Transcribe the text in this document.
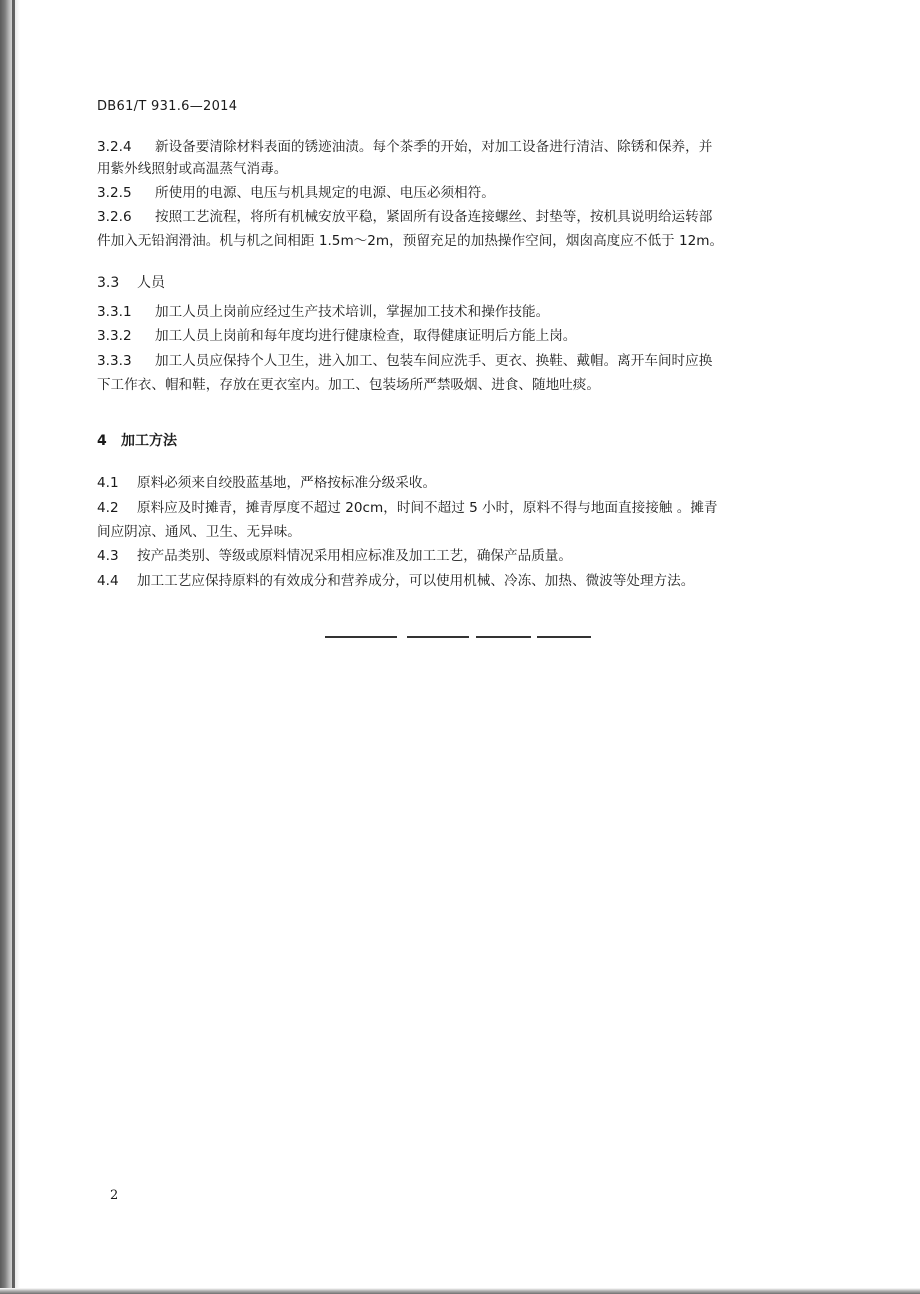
DB61/T 931.6—2014
3.2.4 新设备要清除材料表面的锈迹油渍。每个茶季的开始，对加工设备进行清洁、除锈和保养，并
用紫外线照射或高温蒸气消毒。
3.2.5 所使用的电源、电压与机具规定的电源、电压必须相符。
3.2.6 按照工艺流程，将所有机械安放平稳，紧固所有设备连接螺丝、封垫等，按机具说明给运转部
件加入无铅润滑油。机与机之间相距 1.5m～2m，预留充足的加热操作空间，烟囱高度应不低于 12m。
3.3 人员
3.3.1 加工人员上岗前应经过生产技术培训，掌握加工技术和操作技能。
3.3.2 加工人员上岗前和每年度均进行健康检查，取得健康证明后方能上岗。
3.3.3 加工人员应保持个人卫生，进入加工、包装车间应洗手、更衣、换鞋、戴帽。离开车间时应换
下工作衣、帽和鞋，存放在更衣室内。加工、包装场所严禁吸烟、进食、随地吐痰。
4 加工方法
4.1 原料必须来自绞股蓝基地，严格按标准分级采收。
4.2 原料应及时摊青，摊青厚度不超过 20cm，时间不超过 5 小时，原料不得与地面直接接触 。摊青
间应阴凉、通风、卫生、无异味。
4.3 按产品类别、等级或原料情况采用相应标准及加工工艺，确保产品质量。
4.4 加工工艺应保持原料的有效成分和营养成分，可以使用机械、冷冻、加热、微波等处理方法。
2
